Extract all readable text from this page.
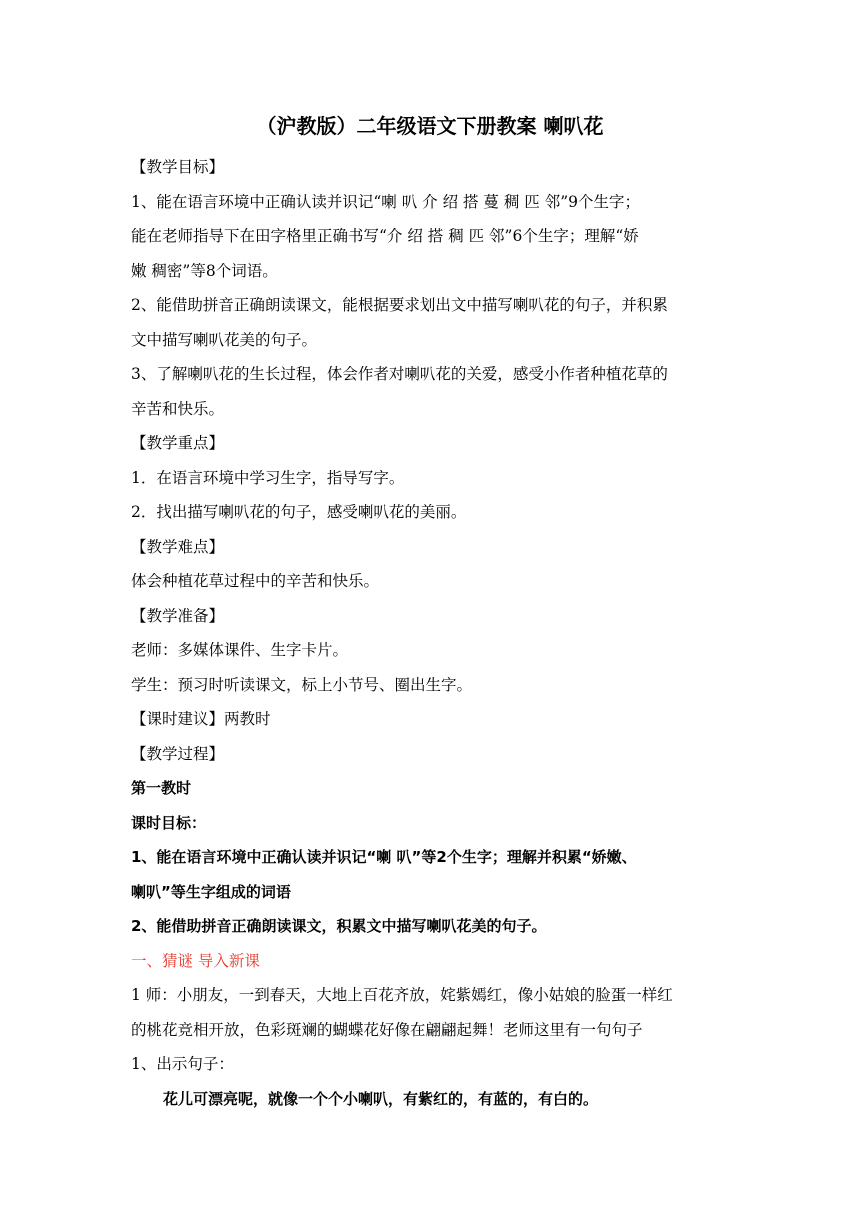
（沪教版）二年级语文下册教案 喇叭花
【教学目标】
1、能在语言环境中正确认读并识记“喇 叭 介 绍 搭 蔓 稠 匹 邻”9个生字；
能在老师指导下在田字格里正确书写“介 绍 搭 稠 匹 邻”6个生字；理解“娇
嫩 稠密”等8个词语。
2、能借助拼音正确朗读课文，能根据要求划出文中描写喇叭花的句子，并积累
文中描写喇叭花美的句子。
3、了解喇叭花的生长过程，体会作者对喇叭花的关爱，感受小作者种植花草的
辛苦和快乐。
【教学重点】
1．在语言环境中学习生字，指导写字。
2．找出描写喇叭花的句子，感受喇叭花的美丽。
【教学难点】
体会种植花草过程中的辛苦和快乐。
【教学准备】
老师：多媒体课件、生字卡片。
学生：预习时听读课文，标上小节号、圈出生字。
【课时建议】两教时
【教学过程】
第一教时
课时目标：
1、能在语言环境中正确认读并识记“喇 叭”等2个生字；理解并积累“娇嫩、
喇叭”等生字组成的词语
2、能借助拼音正确朗读课文，积累文中描写喇叭花美的句子。
一、猜谜 导入新课
1 师：小朋友，一到春天，大地上百花齐放，姹紫嫣红，像小姑娘的脸蛋一样红
的桃花竞相开放，色彩斑斓的蝴蝶花好像在翩翩起舞！老师这里有一句句子
1、出示句子：
花儿可漂亮呢，就像一个个小喇叭，有紫红的，有蓝的，有白的。
